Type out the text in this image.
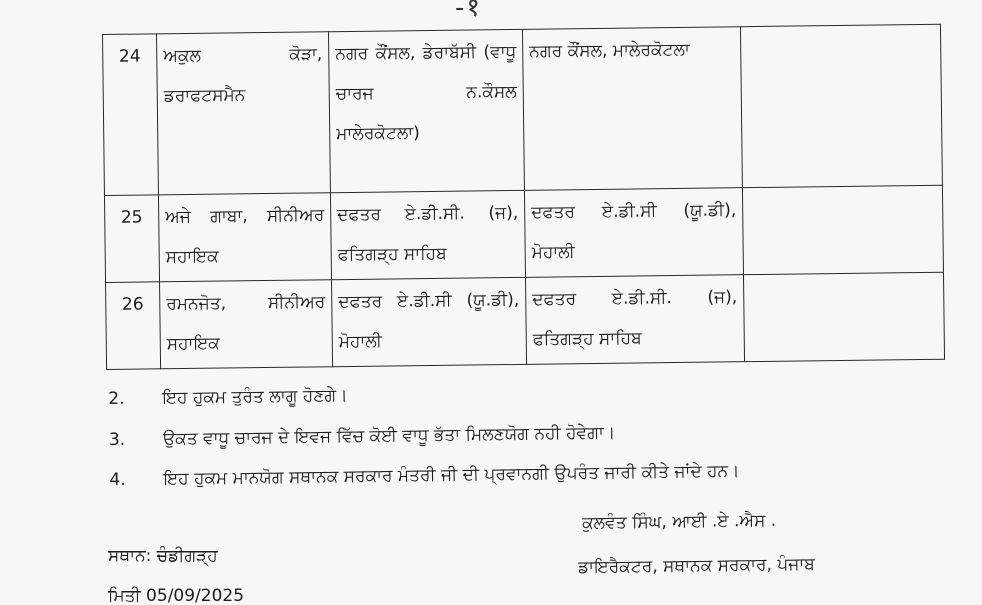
-१
24	ਅਕੁਲ ਕੋੜਾ, ਡਰਾਫਟਸਮੈਨ	ਨਗਰ ਕੌਂਸਲ, ਡੇਰਾਬੱਸੀ (ਵਾਧੂ ਚਾਰਜ ਨ.ਕੌਸਲ ਮਾਲੇਰਕੋਟਲਾ)	ਨਗਰ ਕੌਂਸਲ, ਮਾਲੇਰਕੋਟਲਾ	
25	ਅਜੇ ਗਾਬਾ, ਸੀਨੀਅਰ ਸਹਾਇਕ	ਦਫਤਰ ਏ.ਡੀ.ਸੀ. (ਜ), ਫਤਿਗੜ੍ਹ ਸਾਹਿਬ	ਦਫਤਰ ਏ.ਡੀ.ਸੀ (ਯੂ.ਡੀ), ਮੋਹਾਲੀ	
26	ਰਮਨਜੋਤ, ਸੀਨੀਅਰ ਸਹਾਇਕ	ਦਫਤਰ ਏ.ਡੀ.ਸੀ (ਯੂ.ਡੀ), ਮੋਹਾਲੀ	ਦਫਤਰ ਏ.ਡੀ.ਸੀ. (ਜ), ਫਤਿਗੜ੍ਹ ਸਾਹਿਬ	
2. ਇਹ ਹੁਕਮ ਤੁਰੰਤ ਲਾਗੂ ਹੋਣਗੇ।
3. ਉਕਤ ਵਾਧੂ ਚਾਰਜ ਦੇ ਇਵਜ ਵਿੱਚ ਕੋਈ ਵਾਧੂ ਭੱਤਾ ਮਿਲਣਯੋਗ ਨਹੀ ਹੋਵੇਗਾ।
4. ਇਹ ਹੁਕਮ ਮਾਨਯੋਗ ਸਥਾਨਕ ਸਰਕਾਰ ਮੰਤਰੀ ਜੀ ਦੀ ਪ੍ਰਵਾਨਗੀ ਉਪਰੰਤ ਜਾਰੀ ਕੀਤੇ ਜਾਂਦੇ ਹਨ।
ਕੁਲਵੰਤ ਸਿੰਘ, ਆਈ .ਏ .ਐਸ .
ਡਾਇਰੈਕਟਰ, ਸਥਾਨਕ ਸਰਕਾਰ, ਪੰਜਾਬ
ਸਥਾਨ: ਚੰਡੀਗੜ੍ਹ
ਮਿਤੀ 05/09/2025
